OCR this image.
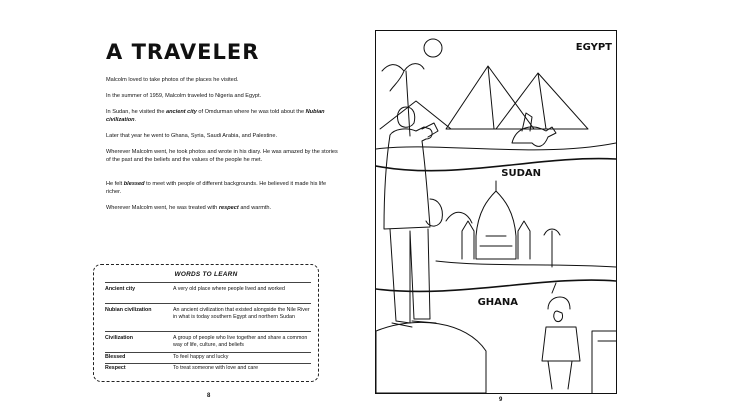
A TRAVELER

Malcolm loved to take photos of the places he visited.

In the summer of 1959, Malcolm traveled to Nigeria and Egypt.

In Sudan, he visited the ancient city of Omdurman where he was told about the Nubian civilization.

Later that year he went to Ghana, Syria, Saudi Arabia, and Palestine.

Wherever Malcolm went, he took photos and wrote in his diary. He was amazed by the stories of the past and the beliefs and the values of the people he met.

He felt blessed to meet with people of different backgrounds. He believed it made his life richer.

Wherever Malcolm went, he was treated with respect and warmth.

WORDS TO LEARN
Ancient city	A very old place where people lived and worked
Nubian civilization	An ancient civilization that existed alongside the Nile River in what is today southern Egypt and northern Sudan
Civilization	A group of people who live together and share a common way of life, culture, and beliefs
Blessed	To feel happy and lucky
Respect	To treat someone with love and care
8
EGYPT
SUDAN
GHANA
9
